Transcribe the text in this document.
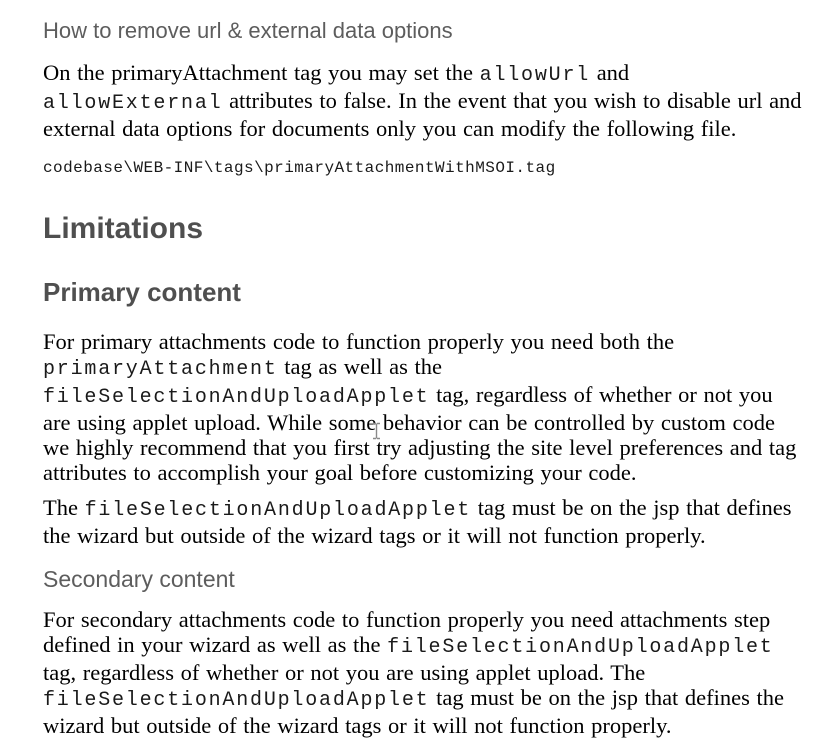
How to remove url & external data options

On the primaryAttachment tag you may set the allowUrl and allowExternal attributes to false. In the event that you wish to disable url and external data options for documents only you can modify the following file.

codebase\WEB-INF\tags\primaryAttachmentWithMSOI.tag

Limitations
Primary content

For primary attachments code to function properly you need both the primaryAttachment tag as well as the fileSelectionAndUploadApplet tag, regardless of whether or not you are using applet upload. While some behavior can be controlled by custom code we highly recommend that you first try adjusting the site level preferences and tag attributes to accomplish your goal before customizing your code.

The fileSelectionAndUploadApplet tag must be on the jsp that defines the wizard but outside of the wizard tags or it will not function properly.

Secondary content

For secondary attachments code to function properly you need attachments step defined in your wizard as well as the fileSelectionAndUploadApplet tag, regardless of whether or not you are using applet upload. The fileSelectionAndUploadApplet tag must be on the jsp that defines the wizard but outside of the wizard tags or it will not function properly.
